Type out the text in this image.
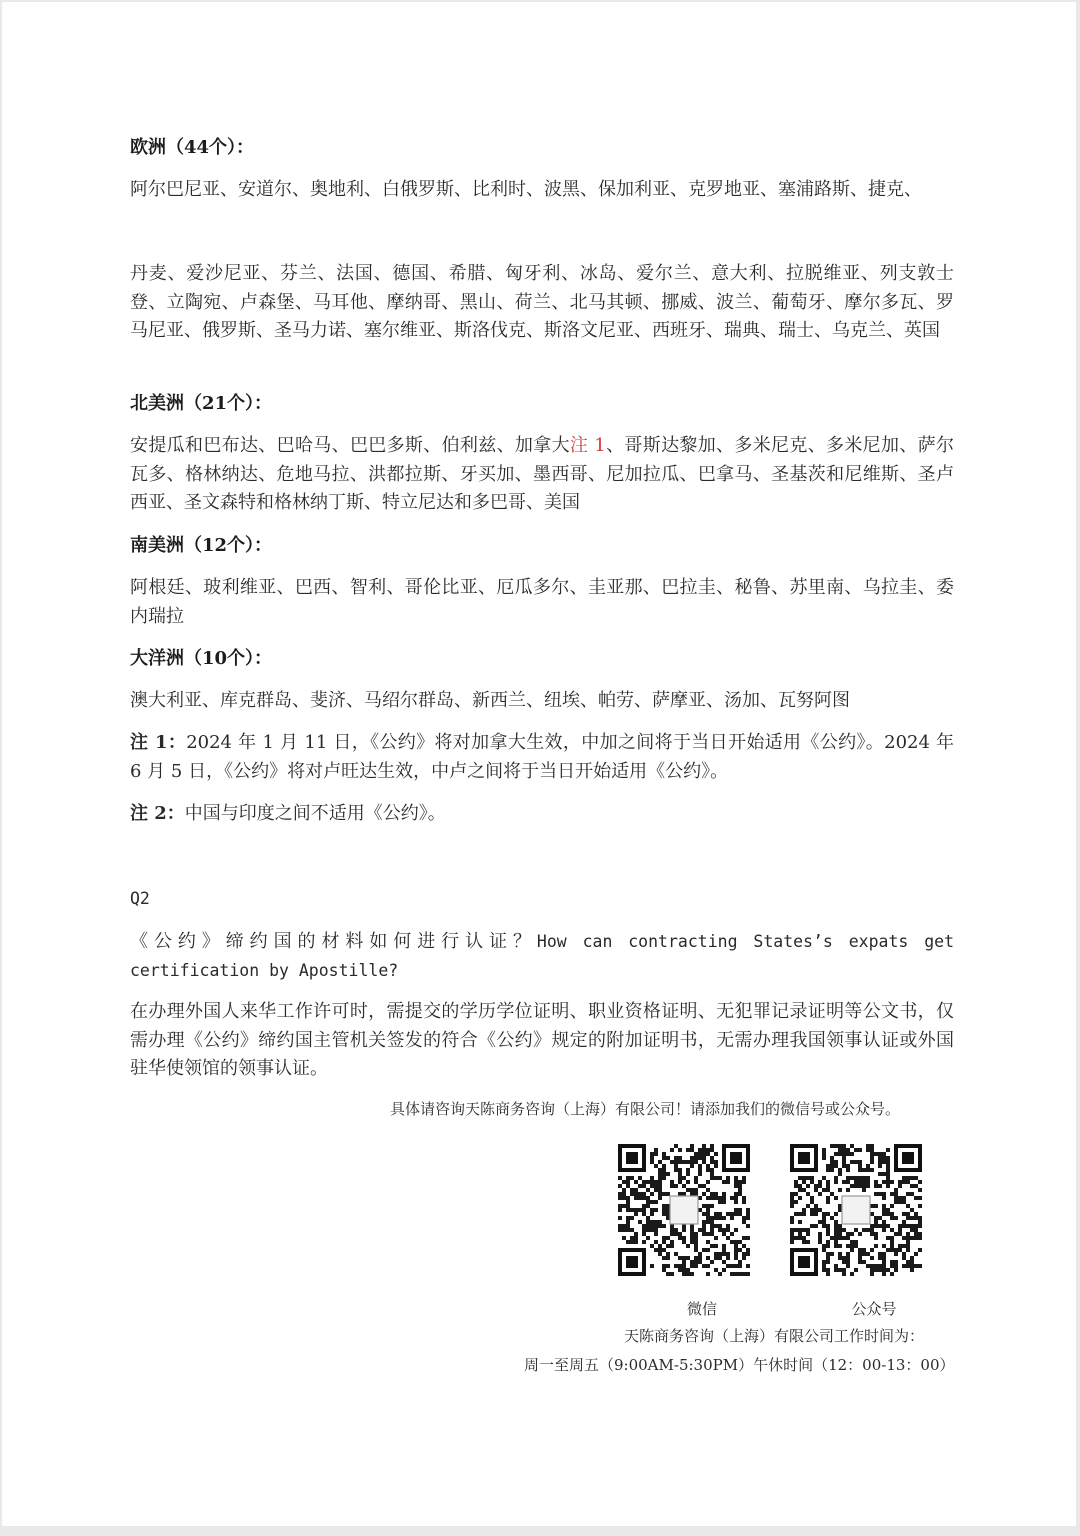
欧洲（44个）：
阿尔巴尼亚、安道尔、奥地利、白俄罗斯、比利时、波黑、保加利亚、克罗地亚、塞浦路斯、捷克、
丹麦、爱沙尼亚、芬兰、法国、德国、希腊、匈牙利、冰岛、爱尔兰、意大利、拉脱维亚、列支敦士登、立陶宛、卢森堡、马耳他、摩纳哥、黑山、荷兰、北马其顿、挪威、波兰、葡萄牙、摩尔多瓦、罗马尼亚、俄罗斯、圣马力诺、塞尔维亚、斯洛伐克、斯洛文尼亚、西班牙、瑞典、瑞士、乌克兰、英国
北美洲（21个）：
安提瓜和巴布达、巴哈马、巴巴多斯、伯利兹、加拿大注 1、哥斯达黎加、多米尼克、多米尼加、萨尔瓦多、格林纳达、危地马拉、洪都拉斯、牙买加、墨西哥、尼加拉瓜、巴拿马、圣基茨和尼维斯、圣卢西亚、圣文森特和格林纳丁斯、特立尼达和多巴哥、美国
南美洲（12个）：
阿根廷、玻利维亚、巴西、智利、哥伦比亚、厄瓜多尔、圭亚那、巴拉圭、秘鲁、苏里南、乌拉圭、委内瑞拉
大洋洲（10个）：
澳大利亚、库克群岛、斐济、马绍尔群岛、新西兰、纽埃、帕劳、萨摩亚、汤加、瓦努阿图
注 1：2024 年 1 月 11 日，《公约》将对加拿大生效，中加之间将于当日开始适用《公约》。2024 年 6 月 5 日，《公约》将对卢旺达生效，中卢之间将于当日开始适用《公约》。
注 2：中国与印度之间不适用《公约》。
Q2
《公约》缔约国的材料如何进行认证？How can contracting States’s expats get certification by Apostille?
在办理外国人来华工作许可时，需提交的学历学位证明、职业资格证明、无犯罪记录证明等公文书，仅需办理《公约》缔约国主管机关签发的符合《公约》规定的附加证明书，无需办理我国领事认证或外国驻华使领馆的领事认证。
具体请咨询天陈商务咨询（上海）有限公司！请添加我们的微信号或公众号。
微信	公众号
天陈商务咨询（上海）有限公司工作时间为：
周一至周五（9:00AM-5:30PM）午休时间（12：00-13：00）
